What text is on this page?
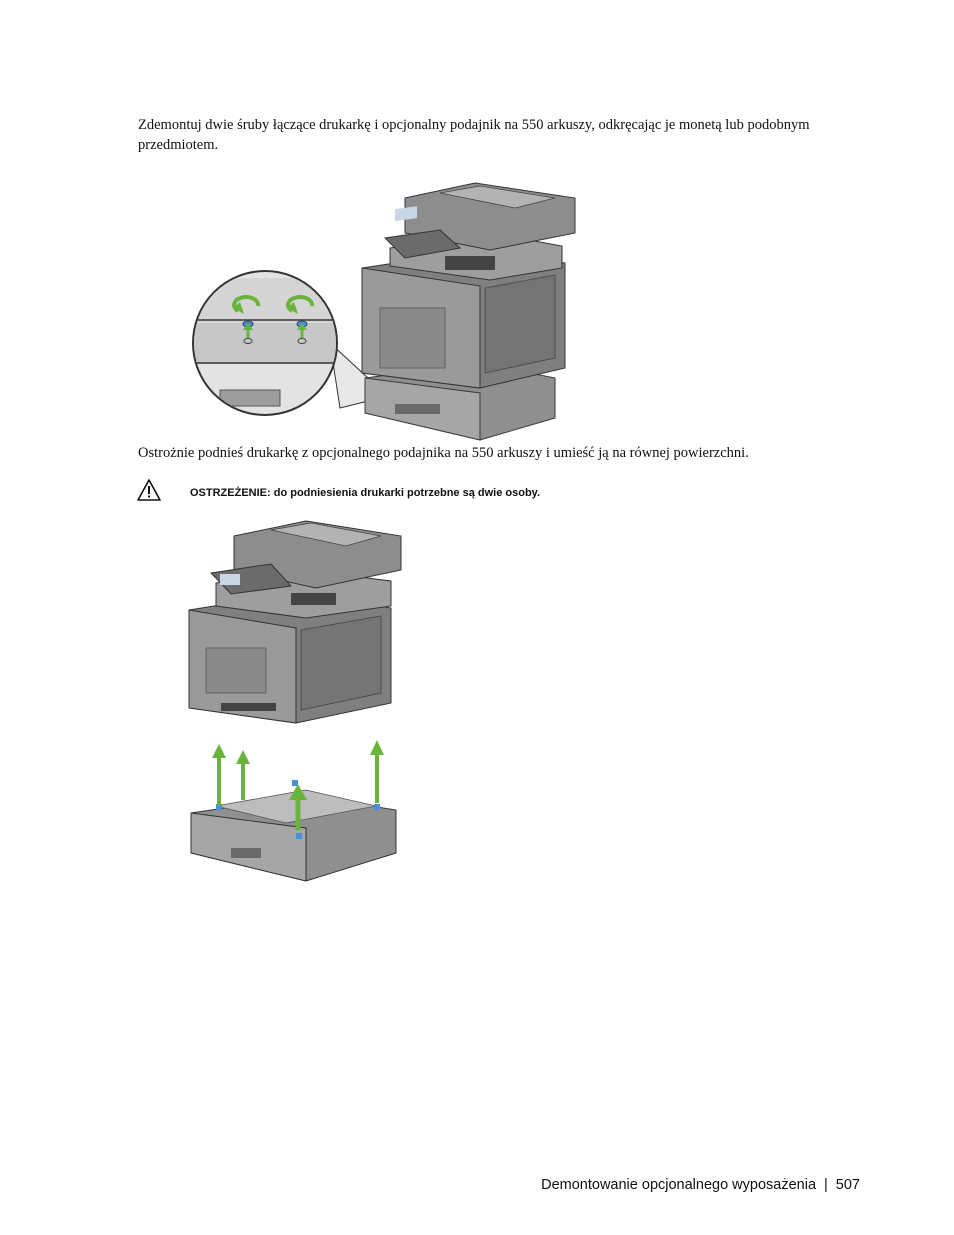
Zdemontuj dwie śruby łączące drukarkę i opcjonalny podajnik na 550 arkuszy, odkręcając je monetą lub podobnym przedmiotem.
Ostrożnie podnieś drukarkę z opcjonalnego podajnika na 550 arkuszy i umieść ją na równej powierzchni.
OSTRZEŻENIE: do podniesienia drukarki potrzebne są dwie osoby.
Demontowanie opcjonalnego wyposażenia | 507
